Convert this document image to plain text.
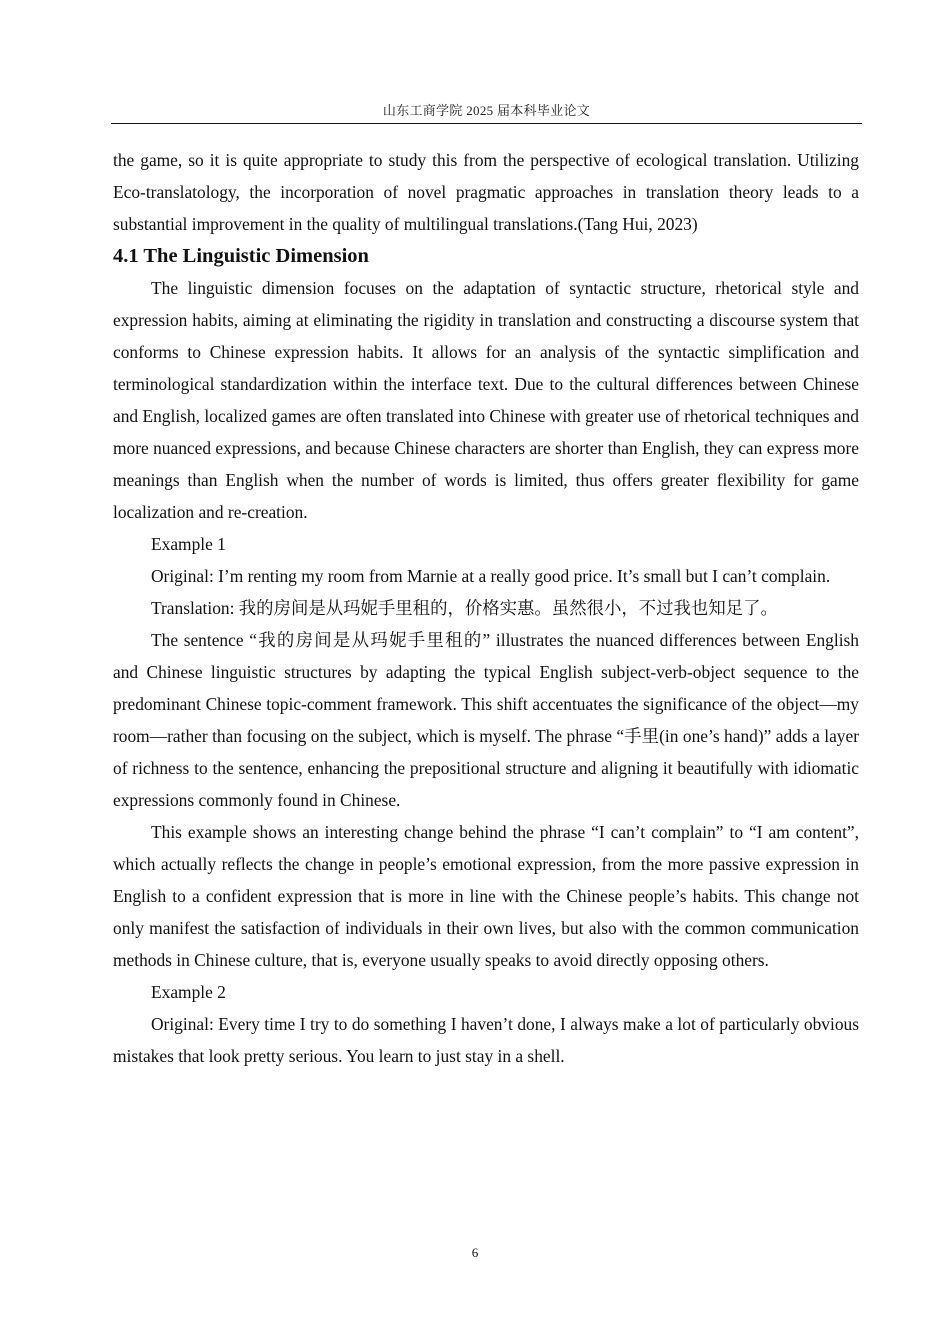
山东工商学院 2025 届本科毕业论文

the game, so it is quite appropriate to study this from the perspective of ecological translation. Utilizing Eco-translatology, the incorporation of novel pragmatic approaches in translation theory leads to a substantial improvement in the quality of multilingual translations.(Tang Hui, 2023)

4.1 The Linguistic Dimension

The linguistic dimension focuses on the adaptation of syntactic structure, rhetorical style and expression habits, aiming at eliminating the rigidity in translation and constructing a discourse system that conforms to Chinese expression habits. It allows for an analysis of the syntactic simplification and terminological standardization within the interface text. Due to the cultural differences between Chinese and English, localized games are often translated into Chinese with greater use of rhetorical techniques and more nuanced expressions, and because Chinese characters are shorter than English, they can express more meanings than English when the number of words is limited, thus offers greater flexibility for game localization and re-creation.

Example 1

Original: I’m renting my room from Marnie at a really good price. It’s small but I can’t complain.

Translation: 我的房间是从玛妮手里租的，价格实惠。虽然很小，不过我也知足了。

The sentence “我的房间是从玛妮手里租的” illustrates the nuanced differences between English and Chinese linguistic structures by adapting the typical English subject-verb-object sequence to the predominant Chinese topic-comment framework. This shift accentuates the significance of the object—my room—rather than focusing on the subject, which is myself. The phrase “手里(in one’s hand)” adds a layer of richness to the sentence, enhancing the prepositional structure and aligning it beautifully with idiomatic expressions commonly found in Chinese.

This example shows an interesting change behind the phrase “I can’t complain” to “I am content”, which actually reflects the change in people’s emotional expression, from the more passive expression in English to a confident expression that is more in line with the Chinese people’s habits. This change not only manifest the satisfaction of individuals in their own lives, but also with the common communication methods in Chinese culture, that is, everyone usually speaks to avoid directly opposing others.

Example 2

Original: Every time I try to do something I haven’t done, I always make a lot of particularly obvious mistakes that look pretty serious. You learn to just stay in a shell.

6
